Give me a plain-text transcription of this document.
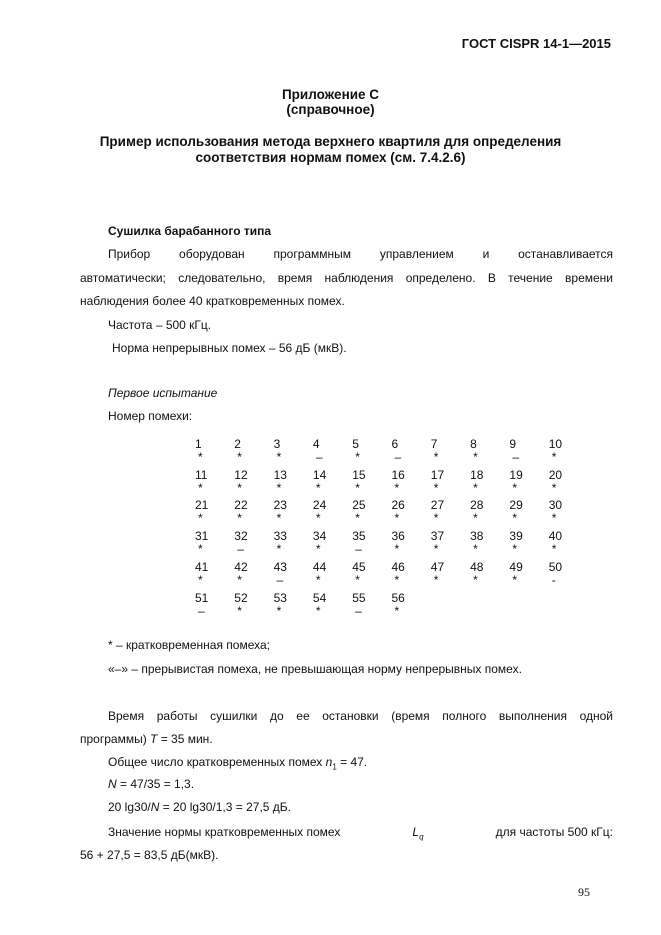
ГОСТ CISPR 14-1—2015
Приложение С
(справочное)
Пример использования метода верхнего квартиля для определения
соответствия нормам помех (см. 7.4.2.6)
Сушилка барабанного типа
Прибор оборудован программным управлением и останавливается
автоматически; следовательно, время наблюдения определено. В течение времени
наблюдения более 40 кратковременных помех.
Частота – 500 кГц.
Норма непрерывных помех – 56 дБ (мкВ).
Первое испытание
Номер помехи:
1
*
2
*
3
*
4
–
5
*
6
–
7
*
8
*
9
–
10
*
11
*
12
*
13
*
14
*
15
*
16
*
17
*
18
*
19
*
20
*
21
*
22
*
23
*
24
*
25
*
26
*
27
*
28
*
29
*
30
*
31
*
32
–
33
*
34
*
35
–
36
*
37
*
38
*
39
*
40
*
41
*
42
*
43
–
44
*
45
*
46
*
47
*
48
*
49
*
50
-
51
–
52
*
53
*
54
*
55
–
56
*
* – кратковременная помеха;
«–» – прерывистая помеха, не превышающая норму непрерывных помех.
Время работы сушилки до ее остановки (время полного выполнения одной
программы) T = 35 мин.
Общее число кратковременных помех $n_1 = 47$.
N = 47/35 = 1,3.
20 lg30/N = 20 lg30/1,3 = 27,5 дБ.
Значение нормы кратковременных помех	$L_q$	для частоты 500 кГц:
56 + 27,5 = 83,5 дБ(мкВ).
95
